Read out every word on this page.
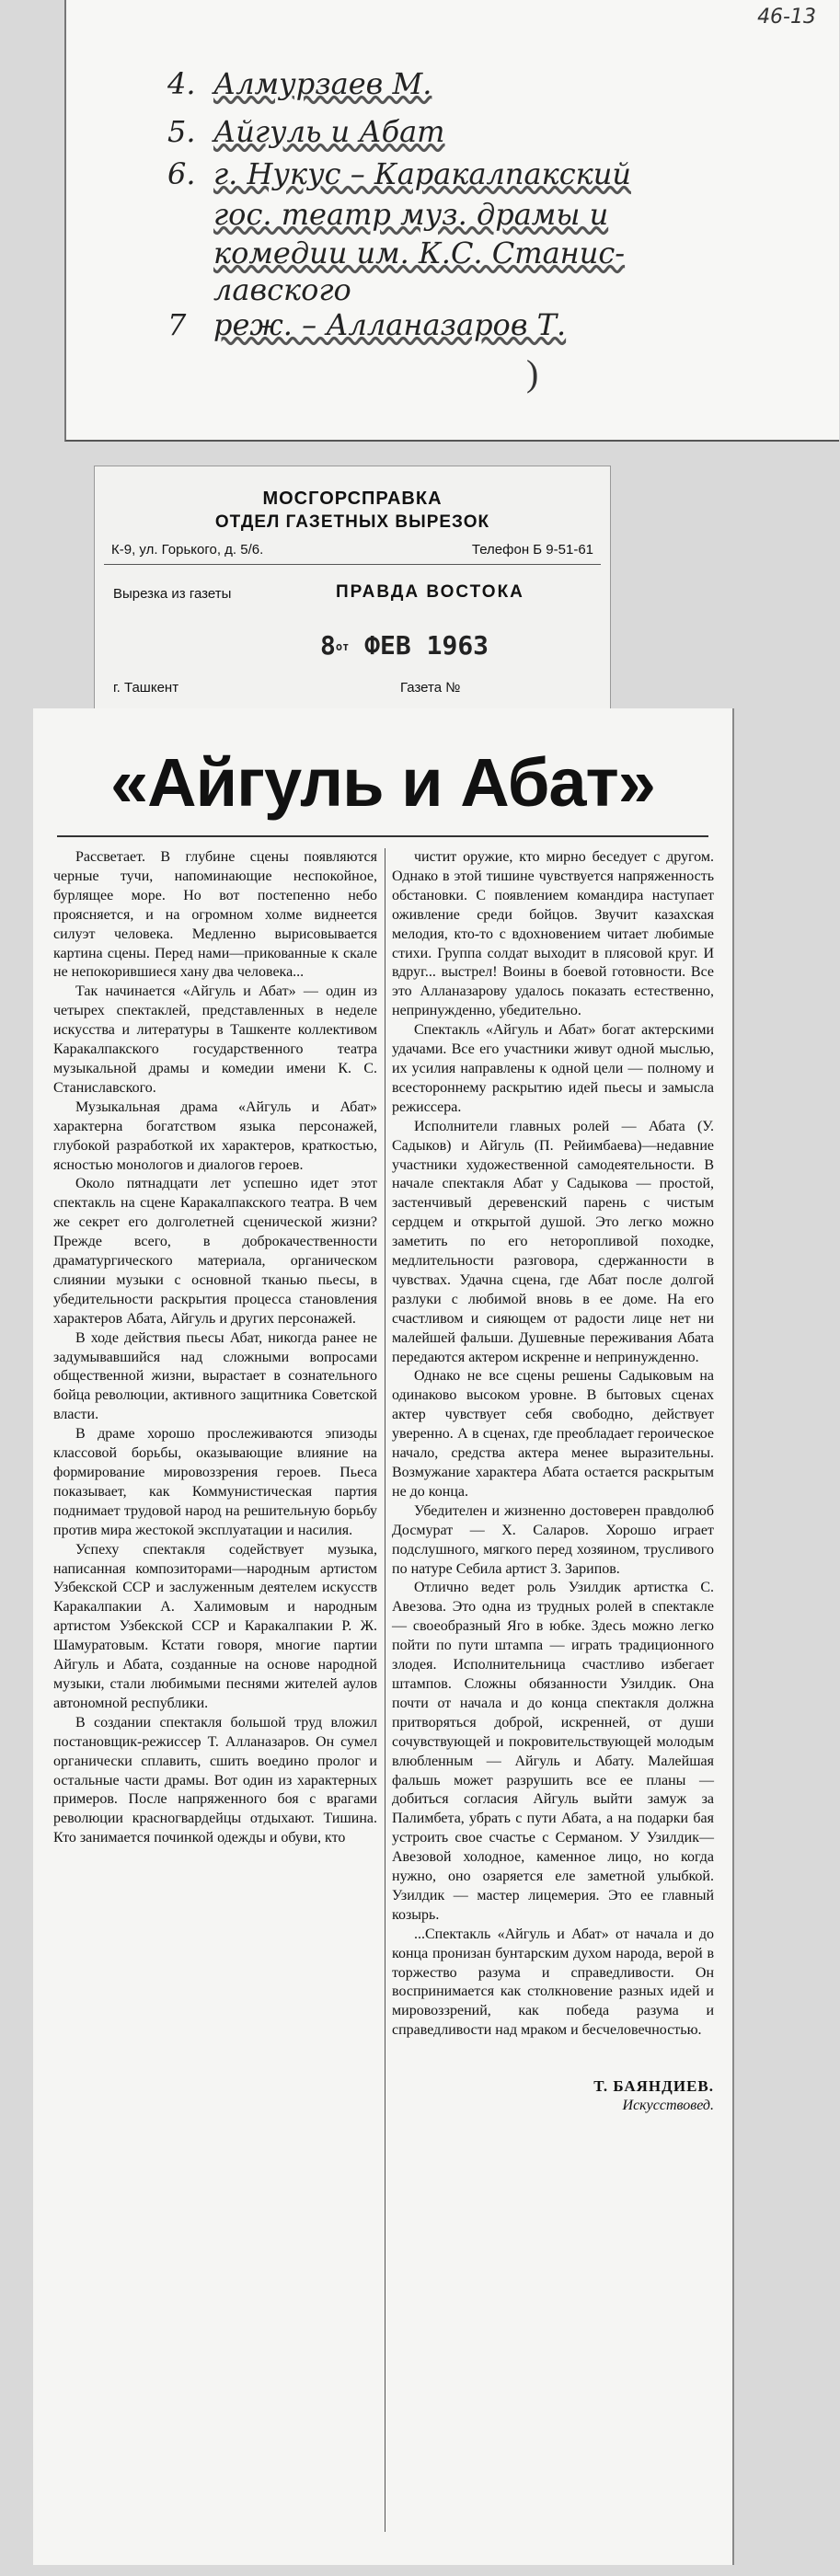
46-13
4. Алмурзаев М.
5. Айгуль и Абат
6. г. Нукус – Каракалпакский
гос. театр муз. драмы и
комедии им. К.С. Станис-
лавского
7 реж. – Алланазаров Т.
)
МОСГОРСПРАВКА
ОТДЕЛ ГАЗЕТНЫХ ВЫРЕЗОК
К-9, ул. Горького, д. 5/6.	Телефон Б 9-51-61
Вырезка из газеты	ПРАВДА ВОСТОКА
8от ФЕВ 1963
г. Ташкент	Газета №
«Айгуль и Абат»

Рассветает. В глубине сцены появляются черные тучи, напоминающие неспокойное, бурлящее море. Но вот постепенно небо проясняется, и на огромном холме виднеется силуэт человека. Медленно вырисовывается картина сцены. Перед нами—прикованные к скале не непокорившиеся хану два человека...

Так начинается «Айгуль и Абат» — один из четырех спектаклей, представленных в неделе искусства и литературы в Ташкенте коллективом Каракалпакского государственного театра музыкальной драмы и комедии имени К. С. Станиславского.

Музыкальная драма «Айгуль и Абат» характерна богатством языка персонажей, глубокой разработкой их характеров, краткостью, ясностью монологов и диалогов героев.

Около пятнадцати лет успешно идет этот спектакль на сцене Каракалпакского театра. В чем же секрет его долголетней сценической жизни? Прежде всего, в доброкачественности драматургического материала, органическом слиянии музыки с основной тканью пьесы, в убедительности раскрытия процесса становления характеров Абата, Айгуль и других персонажей.

В ходе действия пьесы Абат, никогда ранее не задумывавшийся над сложными вопросами общественной жизни, вырастает в сознательного бойца революции, активного защитника Советской власти.

В драме хорошо прослеживаются эпизоды классовой борьбы, оказывающие влияние на формирование мировоззрения героев. Пьеса показывает, как Коммунистическая партия поднимает трудовой народ на решительную борьбу против мира жестокой эксплуатации и насилия.

Успеху спектакля содействует музыка, написанная композиторами—народным артистом Узбекской ССР и заслуженным деятелем искусств Каракалпакии А. Халимовым и народным артистом Узбекской ССР и Каракалпакии Р. Ж. Шамуратовым. Кстати говоря, многие партии Айгуль и Абата, созданные на основе народной музыки, стали любимыми песнями жителей аулов автономной республики.

В создании спектакля большой труд вложил постановщик-режиссер Т. Алланазаров. Он сумел органически сплавить, сшить воедино пролог и остальные части драмы. Вот один из характерных примеров. После напряженного боя с врагами революции красногвардейцы отдыхают. Тишина. Кто занимается починкой одежды и обуви, кто

чистит оружие, кто мирно беседует с другом. Однако в этой тишине чувствуется напряженность обстановки. С появлением командира наступает оживление среди бойцов. Звучит казахская мелодия, кто-то с вдохновением читает любимые стихи. Группа солдат выходит в плясовой круг. И вдруг... выстрел! Воины в боевой готовности. Все это Алланазарову удалось показать естественно, непринужденно, убедительно.

Спектакль «Айгуль и Абат» богат актерскими удачами. Все его участники живут одной мыслью, их усилия направлены к одной цели — полному и всестороннему раскрытию идей пьесы и замысла режиссера.

Исполнители главных ролей — Абата (У. Садыков) и Айгуль (П. Рейимбаева)—недавние участники художественной самодеятельности. В начале спектакля Абат у Садыкова — простой, застенчивый деревенский парень с чистым сердцем и открытой душой. Это легко можно заметить по его неторопливой походке, медлительности разговора, сдержанности в чувствах. Удачна сцена, где Абат после долгой разлуки с любимой вновь в ее доме. На его счастливом и сияющем от радости лице нет ни малейшей фальши. Душевные переживания Абата передаются актером искренне и непринужденно.

Однако не все сцены решены Садыковым на одинаково высоком уровне. В бытовых сценах актер чувствует себя свободно, действует уверенно. А в сценах, где преобладает героическое начало, средства актера менее выразительны. Возмужание характера Абата остается раскрытым не до конца.

Убедителен и жизненно достоверен правдолюб Досмурат — Х. Саларов. Хорошо играет подслушного, мягкого перед хозяином, трусливого по натуре Себила артист З. Зарипов.

Отлично ведет роль Узилдик артистка С. Авезова. Это одна из трудных ролей в спектакле — своеобразный Яго в юбке. Здесь можно легко пойти по пути штампа — играть традиционного злодея. Исполнительница счастливо избегает штампов. Сложны обязанности Узилдик. Она почти от начала и до конца спектакля должна притворяться доброй, искренней, от души сочувствующей и покровительствующей молодым влюбленным — Айгуль и Абату. Малейшая фальшь может разрушить все ее планы — добиться согласия Айгуль выйти замуж за Палимбета, убрать с пути Абата, а на подарки бая устроить свое счастье с Серманом. У Узилдик—Авезовой холодное, каменное лицо, но когда нужно, оно озаряется еле заметной улыбкой. Узилдик — мастер лицемерия. Это ее главный козырь.

...Спектакль «Айгуль и Абат» от начала и до конца пронизан бунтарским духом народа, верой в торжество разума и справедливости. Он воспринимается как столкновение разных идей и мировоззрений, как победа разума и справедливости над мраком и бесчеловечностью.

Т. БАЯНДИЕВ.
Искусствовед.
